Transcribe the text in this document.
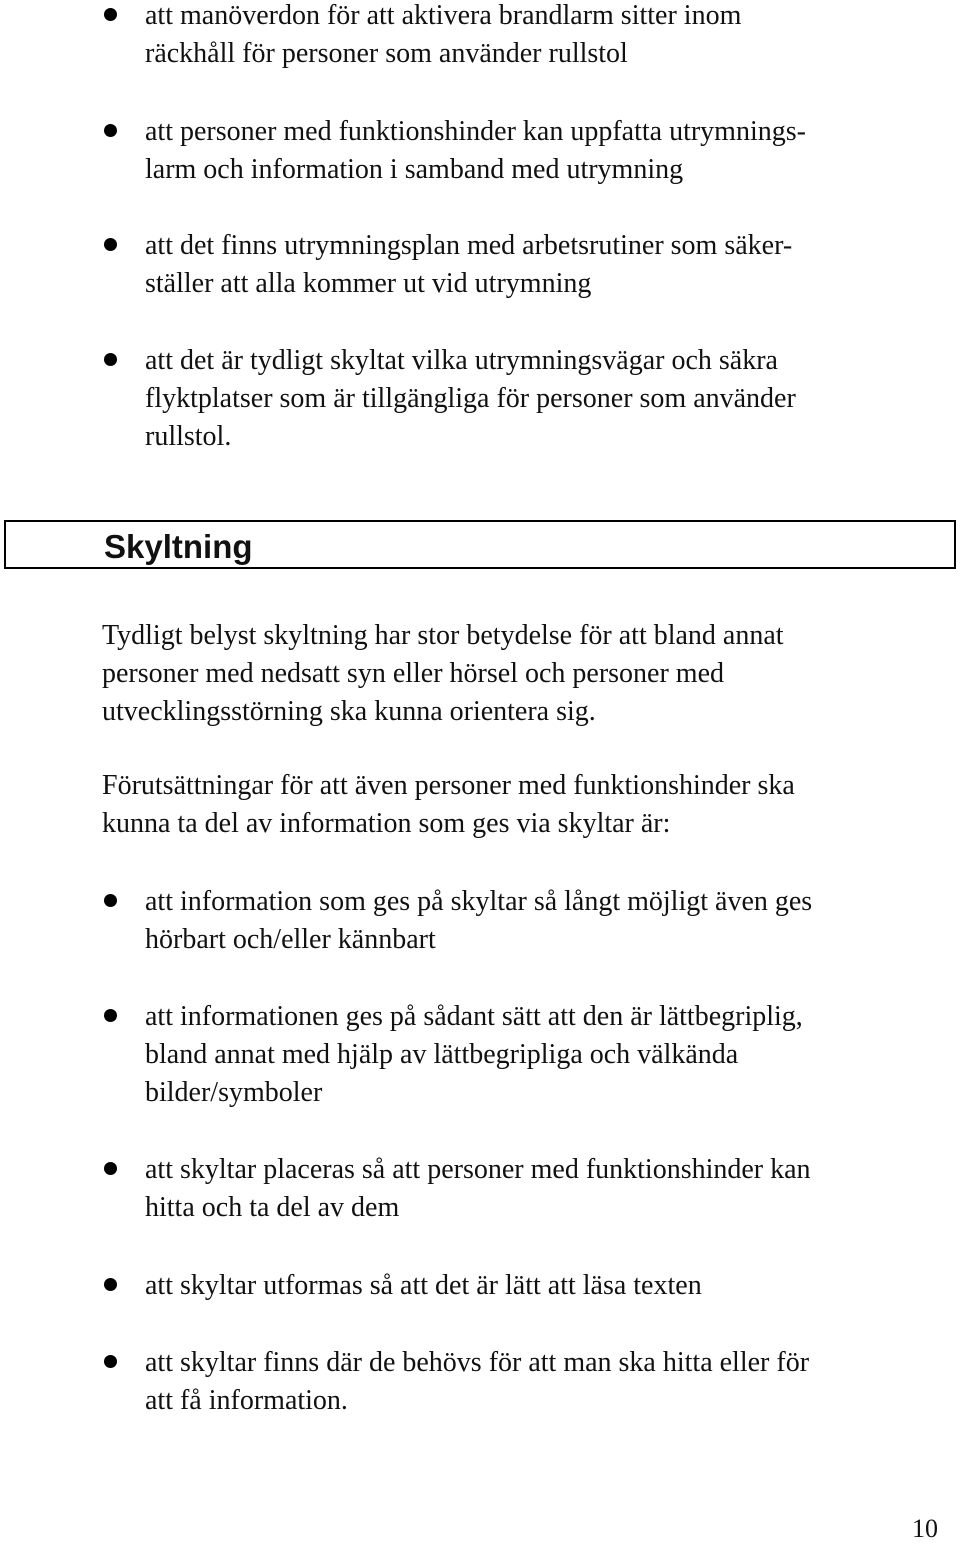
att manöverdon för att aktivera brandlarm sitter inom
räckhåll för personer som använder rullstol

att personer med funktionshinder kan uppfatta utrymnings-
larm och information i samband med utrymning

att det finns utrymningsplan med arbetsrutiner som säker-
ställer att alla kommer ut vid utrymning

att det är tydligt skyltat vilka utrymningsvägar och säkra
flyktplatser som är tillgängliga för personer som använder
rullstol.

Skyltning

Tydligt belyst skyltning har stor betydelse för att bland annat
personer med nedsatt syn eller hörsel och personer med
utvecklingsstörning ska kunna orientera sig.

Förutsättningar för att även personer med funktionshinder ska
kunna ta del av information som ges via skyltar är:

att information som ges på skyltar så långt möjligt även ges
hörbart och/eller kännbart

att informationen ges på sådant sätt att den är lättbegriplig,
bland annat med hjälp av lättbegripliga och välkända
bilder/symboler

att skyltar placeras så att personer med funktionshinder kan
hitta och ta del av dem

att skyltar utformas så att det är lätt att läsa texten

att skyltar finns där de behövs för att man ska hitta eller för
att få information.

10
